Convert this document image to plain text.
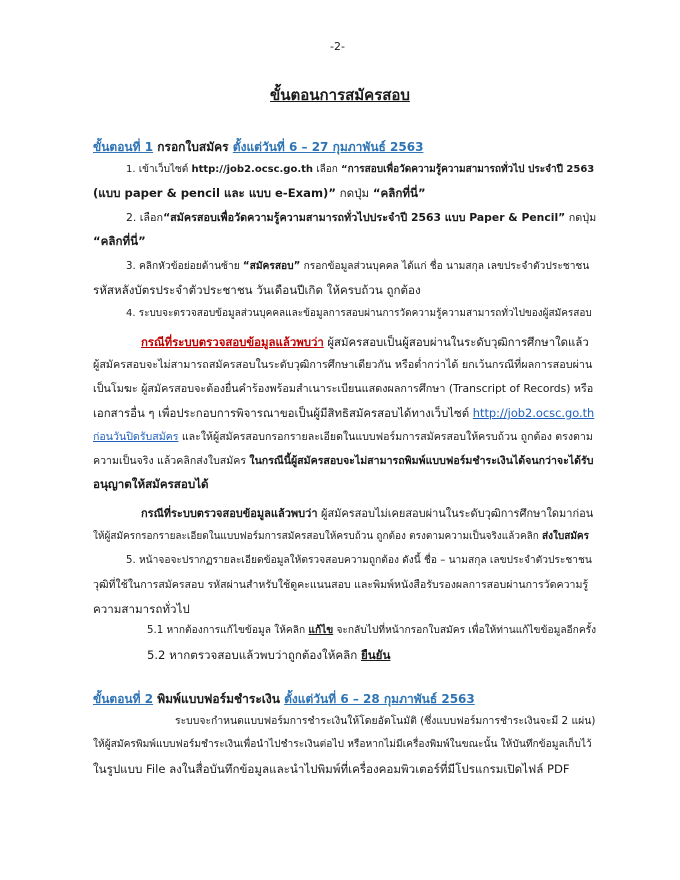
-2-
ขั้นตอนการสมัครสอบ
ขั้นตอนที่ 1 กรอกใบสมัคร ตั้งแต่วันที่ 6 – 27 กุมภาพันธ์ 2563
1. เข้าเว็บไซต์ http://job2.ocsc.go.th เลือก “การสอบเพื่อวัดความรู้ความสามารถทั่วไป ประจำปี 2563
(แบบ paper & pencil และ แบบ e-Exam)” กดปุ่ม “คลิกที่นี่”
2. เลือก“สมัครสอบเพื่อวัดความรู้ความสามารถทั่วไปประจำปี 2563 แบบ Paper & Pencil” กดปุ่ม
“คลิกที่นี่”
3. คลิกหัวข้อย่อยด้านซ้าย “สมัครสอบ” กรอกข้อมูลส่วนบุคคล ได้แก่ ชื่อ นามสกุล เลขประจำตัวประชาชน
รหัสหลังบัตรประจำตัวประชาชน วันเดือนปีเกิด ให้ครบถ้วน ถูกต้อง
4. ระบบจะตรวจสอบข้อมูลส่วนบุคคลและข้อมูลการสอบผ่านการวัดความรู้ความสามารถทั่วไปของผู้สมัครสอบ
กรณีที่ระบบตรวจสอบข้อมูลแล้วพบว่า ผู้สมัครสอบเป็นผู้สอบผ่านในระดับวุฒิการศึกษาใดแล้ว
ผู้สมัครสอบจะไม่สามารถสมัครสอบในระดับวุฒิการศึกษาเดียวกัน หรือต่ำกว่าได้ ยกเว้นกรณีที่ผลการสอบผ่าน
เป็นโมฆะ ผู้สมัครสอบจะต้องยื่นคำร้องพร้อมสำเนาระเบียนแสดงผลการศึกษา (Transcript of Records) หรือ
เอกสารอื่น ๆ เพื่อประกอบการพิจารณาขอเป็นผู้มีสิทธิสมัครสอบได้ทางเว็บไซต์ http://job2.ocsc.go.th
ก่อนวันปิดรับสมัคร และให้ผู้สมัครสอบกรอกรายละเอียดในแบบฟอร์มการสมัครสอบให้ครบถ้วน ถูกต้อง ตรงตาม
ความเป็นจริง แล้วคลิกส่งใบสมัคร ในกรณีนี้ผู้สมัครสอบจะไม่สามารถพิมพ์แบบฟอร์มชำระเงินได้จนกว่าจะได้รับ
อนุญาตให้สมัครสอบได้
กรณีที่ระบบตรวจสอบข้อมูลแล้วพบว่า ผู้สมัครสอบไม่เคยสอบผ่านในระดับวุฒิการศึกษาใดมาก่อน
ให้ผู้สมัครกรอกรายละเอียดในแบบฟอร์มการสมัครสอบให้ครบถ้วน ถูกต้อง ตรงตามความเป็นจริงแล้วคลิก ส่งใบสมัคร
5. หน้าจอจะปรากฏรายละเอียดข้อมูลให้ตรวจสอบความถูกต้อง ดังนี้ ชื่อ – นามสกุล เลขประจำตัวประชาชน
วุฒิที่ใช้ในการสมัครสอบ รหัสผ่านสำหรับใช้ดูคะแนนสอบ และพิมพ์หนังสือรับรองผลการสอบผ่านการวัดความรู้
ความสามารถทั่วไป
5.1 หากต้องการแก้ไขข้อมูล ให้คลิก แก้ไข จะกลับไปที่หน้ากรอกใบสมัคร เพื่อให้ท่านแก้ไขข้อมูลอีกครั้ง
5.2 หากตรวจสอบแล้วพบว่าถูกต้องให้คลิก ยืนยัน
ขั้นตอนที่ 2 พิมพ์แบบฟอร์มชำระเงิน ตั้งแต่วันที่ 6 – 28 กุมภาพันธ์ 2563
ระบบจะกำหนดแบบฟอร์มการชำระเงินให้โดยอัตโนมัติ (ซึ่งแบบฟอร์มการชำระเงินจะมี 2 แผ่น)
ให้ผู้สมัครพิมพ์แบบฟอร์มชำระเงินเพื่อนำไปชำระเงินต่อไป หรือหากไม่มีเครื่องพิมพ์ในขณะนั้น ให้บันทึกข้อมูลเก็บไว้
ในรูปแบบ File ลงในสื่อบันทึกข้อมูลและนำไปพิมพ์ที่เครื่องคอมพิวเตอร์ที่มีโปรแกรมเปิดไฟล์ PDF
